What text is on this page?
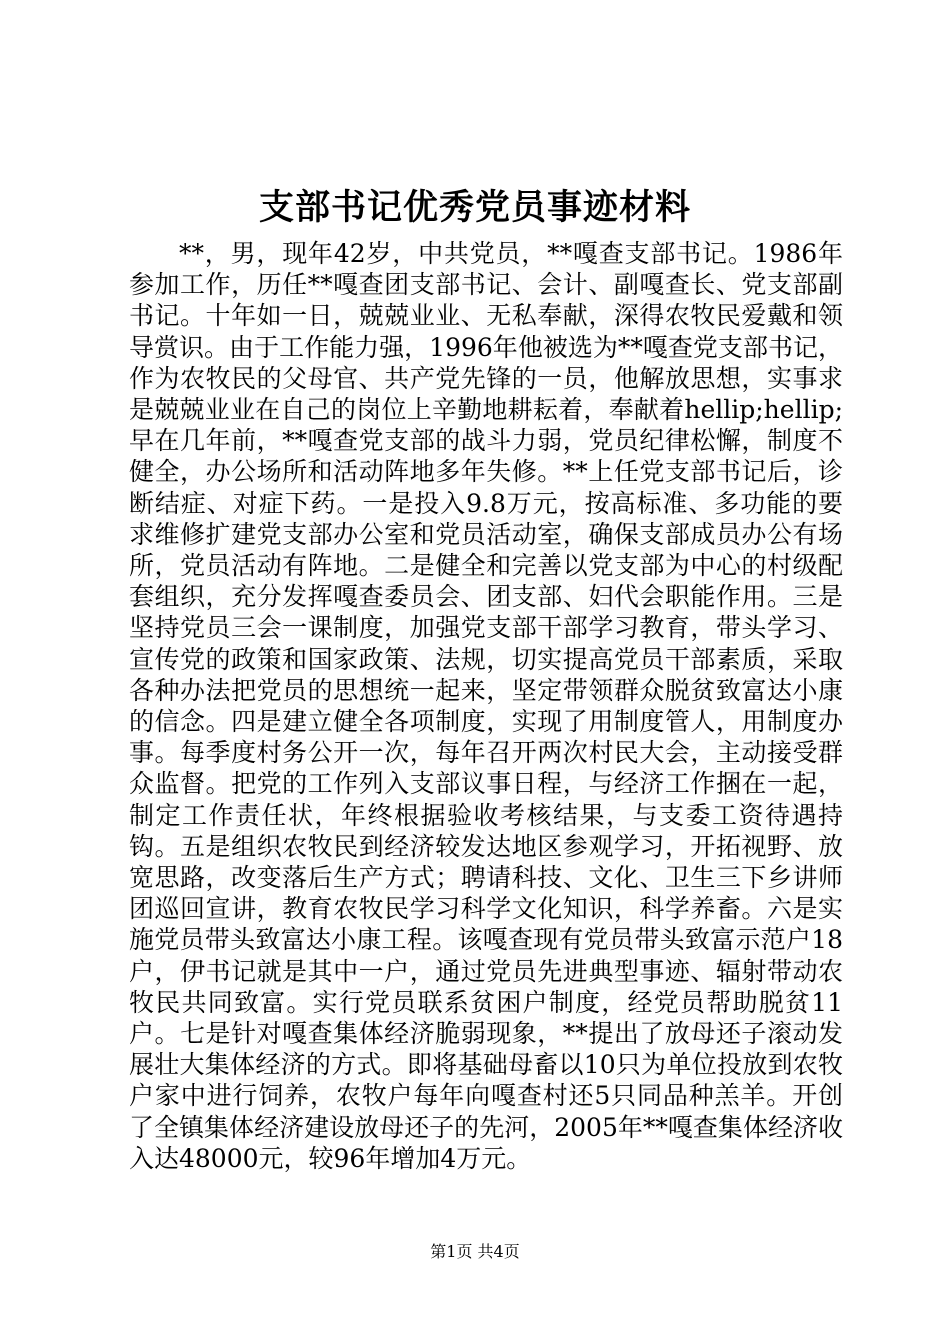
支部书记优秀党员事迹材料

**，男，现年42岁，中共党员，**嘎查支部书记。1986年参加工作，历任**嘎查团支部书记、会计、副嘎查长、党支部副书记。十年如一日，兢兢业业、无私奉献，深得农牧民爱戴和领导赏识。由于工作能力强，1996年他被选为**嘎查党支部书记，作为农牧民的父母官、共产党先锋的一员，他解放思想，实事求是兢兢业业在自己的岗位上辛勤地耕耘着，奉献着hellip;hellip;早在几年前，**嘎查党支部的战斗力弱，党员纪律松懈，制度不健全，办公场所和活动阵地多年失修。**上任党支部书记后，诊断结症、对症下药。一是投入9.8万元，按高标准、多功能的要求维修扩建党支部办公室和党员活动室，确保支部成员办公有场所，党员活动有阵地。二是健全和完善以党支部为中心的村级配套组织，充分发挥嘎查委员会、团支部、妇代会职能作用。三是坚持党员三会一课制度，加强党支部干部学习教育，带头学习、宣传党的政策和国家政策、法规，切实提高党员干部素质，采取各种办法把党员的思想统一起来，坚定带领群众脱贫致富达小康的信念。四是建立健全各项制度，实现了用制度管人，用制度办事。每季度村务公开一次，每年召开两次村民大会，主动接受群众监督。把党的工作列入支部议事日程，与经济工作捆在一起，制定工作责任状，年终根据验收考核结果，与支委工资待遇持钩。五是组织农牧民到经济较发达地区参观学习，开拓视野、放宽思路，改变落后生产方式；聘请科技、文化、卫生三下乡讲师团巡回宣讲，教育农牧民学习科学文化知识，科学养畜。六是实施党员带头致富达小康工程。该嘎查现有党员带头致富示范户18户，伊书记就是其中一户，通过党员先进典型事迹、辐射带动农牧民共同致富。实行党员联系贫困户制度，经党员帮助脱贫11户。七是针对嘎查集体经济脆弱现象，**提出了放母还子滚动发展壮大集体经济的方式。即将基础母畜以10只为单位投放到农牧户家中进行饲养，农牧户每年向嘎查村还5只同品种羔羊。开创了全镇集体经济建设放母还子的先河，2005年**嘎查集体经济收入达48000元，较96年增加4万元。

第1页 共4页
